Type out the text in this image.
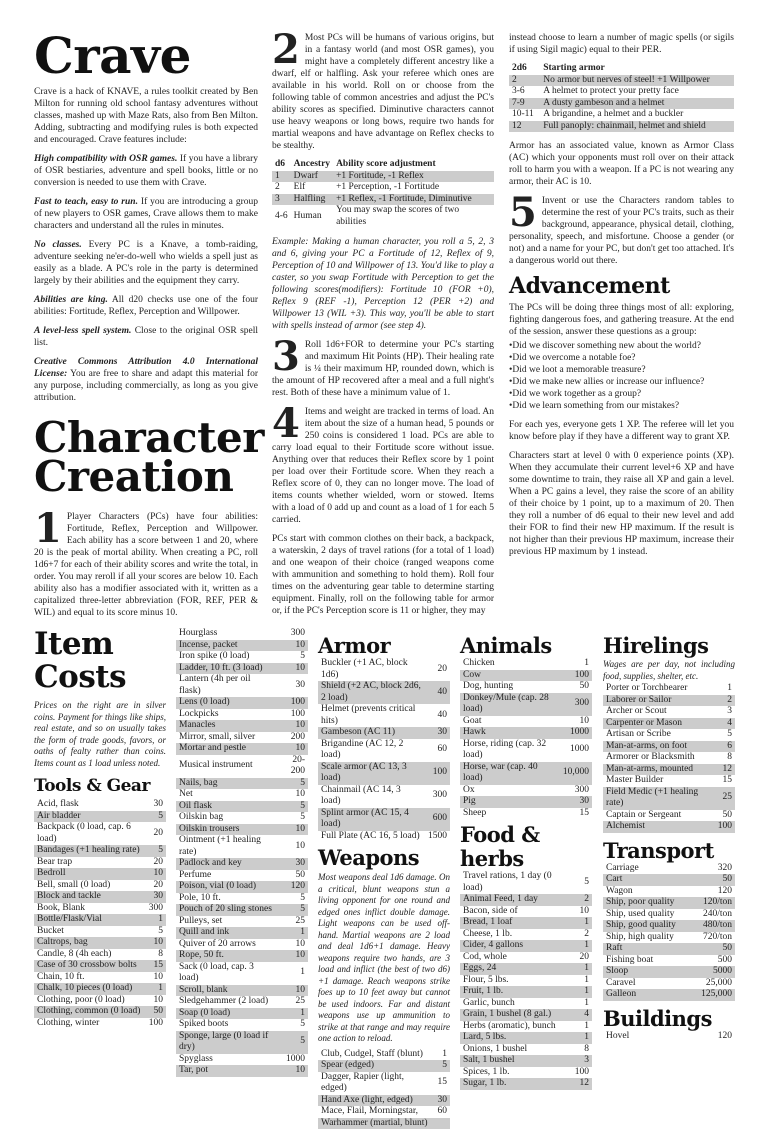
Crave

Crave is a hack of KNAVE, a rules toolkit created by Ben Milton for running old school fantasy adventures without classes, mashed up with Maze Rats, also from Ben Milton. Adding, subtracting and modifying rules is both expected and encouraged. Crave features include:

High compatibility with OSR games. If you have a library of OSR bestiaries, adventure and spell books, little or no conversion is needed to use them with Crave.

Fast to teach, easy to run. If you are introducing a group of new players to OSR games, Crave allows them to make characters and understand all the rules in minutes.

No classes. Every PC is a Knave, a tomb-raiding, adventure seeking ne'er-do-well who wields a spell just as easily as a blade. A PC's role in the party is determined largely by their abilities and the equipment they carry.

Abilities are king. All d20 checks use one of the four abilities: Fortitude, Reflex, Perception and Willpower.

A level-less spell system. Close to the original OSR spell list.

Creative Commons Attribution 4.0 International License: You are free to share and adapt this material for any purpose, including commercially, as long as you give attribution.

Character Creation

1 Player Characters (PCs) have four abilities: Fortitude, Reflex, Perception and Willpower. Each ability has a score between 1 and 20, where 20 is the peak of mortal ability. When creating a PC, roll 1d6+7 for each of their ability scores and write the total, in order. You may reroll if all your scores are below 10. Each ability also has a modifier associated with it, written as a capitalized three-letter abbreviation (FOR, REF, PER & WIL) and equal to its score minus 10.

2 Most PCs will be humans of various origins, but in a fantasy world (and most OSR games), you might have a completely different ancestry like a dwarf, elf or halfling. Ask your referee which ones are available in his world. Roll on or choose from the following table of common ancestries and adjust the PC's ability scores as specified. Diminutive characters cannot use heavy weapons or long bows, require two hands for martial weapons and have advantage on Reflex checks to be stealthy.

d6	Ancestry	Ability score adjustment
1	Dwarf	+1 Fortitude, -1 Reflex
2	Elf	+1 Perception, -1 Fortitude
3	Halfling	+1 Reflex, -1 Fortitude, Diminutive
4-6	Human	You may swap the scores of two abilities

Example: Making a human character, you roll a 5, 2, 3 and 6, giving your PC a Fortitude of 12, Reflex of 9, Perception of 10 and Willpower of 13. You'd like to play a caster, so you swap Fortitude with Perception to get the following scores(modifiers): Fortitude 10 (FOR +0), Reflex 9 (REF -1), Perception 12 (PER +2) and Willpower 13 (WIL +3). This way, you'll be able to start with spells instead of armor (see step 4).

3 Roll 1d6+FOR to determine your PC's starting and maximum Hit Points (HP). Their healing rate is ¼ their maximum HP, rounded down, which is the amount of HP recovered after a meal and a full night's rest. Both of these have a minimum value of 1.

4 Items and weight are tracked in terms of load. An item about the size of a human head, 5 pounds or 250 coins is considered 1 load. PCs are able to carry load equal to their Fortitude score without issue. Anything over that reduces their Reflex score by 1 point per load over their Fortitude score. When they reach a Reflex score of 0, they can no longer move. The load of items counts whether wielded, worn or stowed. Items with a load of 0 add up and count as a load of 1 for each 5 carried.

PCs start with common clothes on their back, a backpack, a waterskin, 2 days of travel rations (for a total of 1 load) and one weapon of their choice (ranged weapons come with ammunition and something to hold them). Roll four times on the adventuring gear table to determine starting equipment. Finally, roll on the following table for armor or, if the PC's Perception score is 11 or higher, they may

instead choose to learn a number of magic spells (or sigils if using Sigil magic) equal to their PER.

2d6	Starting armor
2	No armor but nerves of steel! +1 Willpower
3-6	A helmet to protect your pretty face
7-9	A dusty gambeson and a helmet
10-11	A brigandine, a helmet and a buckler
12	Full panoply: chainmail, helmet and shield

Armor has an associated value, known as Armor Class (AC) which your opponents must roll over on their attack roll to harm you with a weapon. If a PC is not wearing any armor, their AC is 10.

5 Invent or use the Characters random tables to determine the rest of your PC's traits, such as their background, appearance, physical detail, clothing, personality, speech, and misfortune. Choose a gender (or not) and a name for your PC, but don't get too attached. It's a dangerous world out there.

Advancement

The PCs will be doing three things most of all: exploring, fighting dangerous foes, and gathering treasure. At the end of the session, answer these questions as a group:

• Did we discover something new about the world?
• Did we overcome a notable foe?
• Did we loot a memorable treasure?
• Did we make new allies or increase our influence?
• Did we work together as a group?
• Did we learn something from our mistakes?

For each yes, everyone gets 1 XP. The referee will let you know before play if they have a different way to grant XP.

Characters start at level 0 with 0 experience points (XP). When they accumulate their current level+6 XP and have some downtime to train, they raise all XP and gain a level. When a PC gains a level, they raise the score of an ability of their choice by 1 point, up to a maximum of 20. Then they roll a number of d6 equal to their new level and add their FOR to find their new HP maximum. If the result is not higher than their previous HP maximum, increase their previous HP maximum by 1 instead.

Item Costs

Prices on the right are in silver coins. Payment for things like ships, real estate, and so on usually takes the form of trade goods, favors, or oaths of fealty rather than coins. Items count as 1 load unless noted.

Tools & Gear
Acid, flask	30
Air bladder	5
Backpack (0 load, cap. 6 load)	20
Bandages (+1 healing rate)	5
Bear trap	20
Bedroll	10
Bell, small (0 load)	20
Block and tackle	30
Book, Blank	300
Bottle/Flask/Vial	1
Bucket	5
Caltrops, bag	10
Candle, 8 (4h each)	8
Case of 30 crossbow bolts	15
Chain, 10 ft.	10
Chalk, 10 pieces (0 load)	1
Clothing, poor (0 load)	10
Clothing, common (0 load)	50
Clothing, winter	100
Hourglass	300
Incense, packet	10
Iron spike (0 load)	5
Ladder, 10 ft. (3 load)	10
Lantern (4h per oil flask)	30
Lens (0 load)	100
Lockpicks	100
Manacles	10
Mirror, small, silver	200
Mortar and pestle	10
Musical instrument	20-200
Nails, bag	5
Net	10
Oil flask	5
Oilskin bag	5
Oilskin trousers	10
Ointment (+1 healing rate)	10
Padlock and key	30
Perfume	50
Poison, vial (0 load)	120
Pole, 10 ft.	5
Pouch of 20 sling stones	5
Pulleys, set	25
Quill and ink	1
Quiver of 20 arrows	10
Rope, 50 ft.	10
Sack (0 load, cap. 3 load)	1
Scroll, blank	10
Sledgehammer (2 load)	25
Soap (0 load)	1
Spiked boots	5
Sponge, large (0 load if dry)	5
Spyglass	1000
Tar, pot	10
Armor
Buckler (+1 AC, block 1d6)	20
Shield (+2 AC, block 2d6, 2 load)	40
Helmet (prevents critical hits)	40
Gambeson (AC 11)	30
Brigandine (AC 12, 2 load)	60
Scale armor (AC 13, 3 load)	100
Chainmail (AC 14, 3 load)	300
Splint armor (AC 15, 4 load)	600
Full Plate (AC 16, 5 load)	1500
Weapons

Most weapons deal 1d6 damage. On a critical, blunt weapons stun a living opponent for one round and edged ones inflict double damage. Light weapons can be used off-hand. Martial weapons are 2 load and deal 1d6+1 damage. Heavy weapons require two hands, are 3 load and inflict (the best of two d6) +1 damage. Reach weapons strike foes up to 10 feet away but cannot be used indoors. Far and distant weapons use up ammunition to strike at that range and may require one action to reload.

Club, Cudgel, Staff (blunt)	1
Spear (edged)	5
Dagger, Rapier (light, edged)	15
Hand Axe (light, edged)	30
Mace, Flail, Morningstar,	60
Warhammer (martial, blunt)	
Animals
Chicken	1
Cow	100
Dog, hunting	50
Donkey/Mule (cap. 28 load)	300
Goat	10
Hawk	1000
Horse, riding (cap. 32 load)	1000
Horse, war (cap. 40 load)	10,000
Ox	300
Pig	30
Sheep	15
Food & herbs
Travel rations, 1 day (0 load)	5
Animal Feed, 1 day	2
Bacon, side of	10
Bread, 1 loaf	1
Cheese, 1 lb.	2
Cider, 4 gallons	1
Cod, whole	20
Eggs, 24	1
Flour, 5 lbs.	1
Fruit, 1 lb.	1
Garlic, bunch	1
Grain, 1 bushel (8 gal.)	4
Herbs (aromatic), bunch	1
Lard, 5 lbs.	1
Onions, 1 bushel	8
Salt, 1 bushel	3
Spices, 1 lb.	100
Sugar, 1 lb.	12
Hirelings

Wages are per day, not including food, supplies, shelter, etc.

Porter or Torchbearer	1
Laborer or Sailor	2
Archer or Scout	3
Carpenter or Mason	4
Artisan or Scribe	5
Man-at-arms, on foot	6
Armorer or Blacksmith	8
Man-at-arms, mounted	12
Master Builder	15
Field Medic (+1 healing rate)	25
Captain or Sergeant	50
Alchemist	100
Transport
Carriage	320
Cart	50
Wagon	120
Ship, poor quality	120/ton
Ship, used quality	240/ton
Ship, good quality	480/ton
Ship, high quality	720/ton
Raft	50
Fishing boat	500
Sloop	5000
Caravel	25,000
Galleon	125,000
Buildings
Hovel	120
